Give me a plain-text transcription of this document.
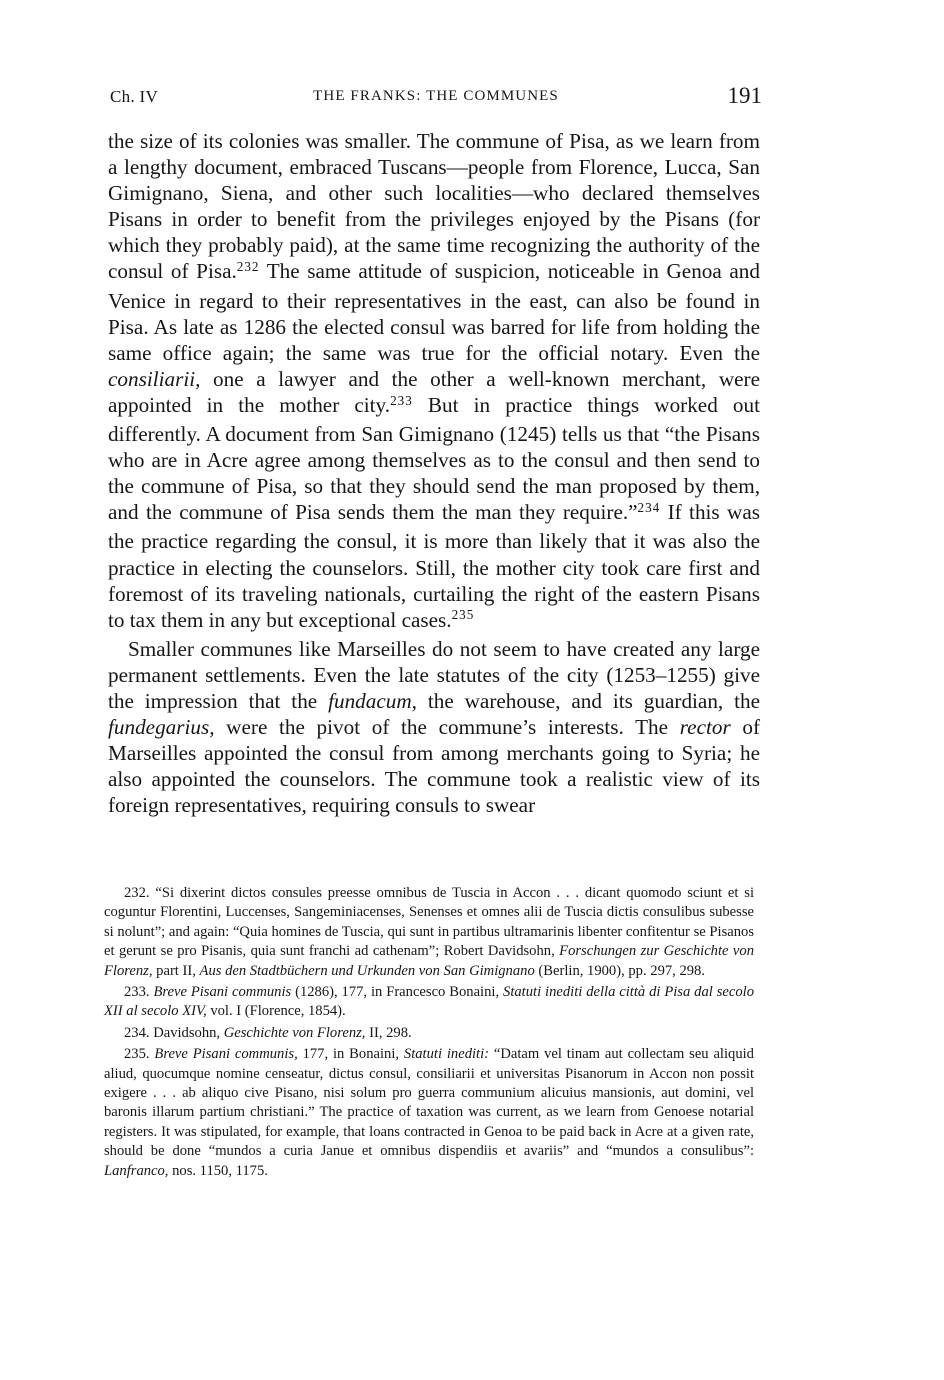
Ch. IV	THE FRANKS: THE COMMUNES	191

the size of its colonies was smaller. The commune of Pisa, as we learn from a lengthy document, embraced Tuscans—people from Florence, Lucca, San Gimignano, Siena, and other such localities—who declared themselves Pisans in order to benefit from the privileges enjoyed by the Pisans (for which they probably paid), at the same time recognizing the authority of the consul of Pisa.$^{232}$ The same attitude of suspicion, noticeable in Genoa and Venice in regard to their representatives in the east, can also be found in Pisa. As late as 1286 the elected consul was barred for life from holding the same office again; the same was true for the official notary. Even the consiliarii, one a lawyer and the other a well-known merchant, were appointed in the mother city.$^{233}$ But in practice things worked out differently. A document from San Gimignano (1245) tells us that “the Pisans who are in Acre agree among themselves as to the consul and then send to the commune of Pisa, so that they should send the man proposed by them, and the commune of Pisa sends them the man they require.”$^{234}$ If this was the practice regarding the consul, it is more than likely that it was also the practice in electing the counselors. Still, the mother city took care first and foremost of its traveling nationals, curtailing the right of the eastern Pisans to tax them in any but exceptional cases.$^{235}$

Smaller communes like Marseilles do not seem to have created any large permanent settlements. Even the late statutes of the city (1253–1255) give the impression that the fundacum, the warehouse, and its guardian, the fundegarius, were the pivot of the commune’s interests. The rector of Marseilles appointed the consul from among merchants going to Syria; he also appointed the counselors. The commune took a realistic view of its foreign representatives, requiring consuls to swear

232. “Si dixerint dictos consules preesse omnibus de Tuscia in Accon . . . dicant quomodo sciunt et si coguntur Florentini, Luccenses, Sangeminiacenses, Senenses et omnes alii de Tuscia dictis consulibus subesse si nolunt”; and again: “Quia homines de Tuscia, qui sunt in partibus ultramarinis libenter confitentur se Pisanos et gerunt se pro Pisanis, quia sunt franchi ad cathenam”; Robert Davidsohn, Forschungen zur Geschichte von Florenz, part II, Aus den Stadtbüchern und Urkunden von San Gimignano (Berlin, 1900), pp. 297, 298.

233. Breve Pisani communis (1286), 177, in Francesco Bonaini, Statuti inediti della città di Pisa dal secolo XII al secolo XIV, vol. I (Florence, 1854).

234. Davidsohn, Geschichte von Florenz, II, 298.

235. Breve Pisani communis, 177, in Bonaini, Statuti inediti: “Datam vel tinam aut collectam seu aliquid aliud, quocumque nomine censeatur, dictus consul, consiliarii et universitas Pisanorum in Accon non possit exigere . . . ab aliquo cive Pisano, nisi solum pro guerra communium alicuius mansionis, aut domini, vel baronis illarum partium christiani.” The practice of taxation was current, as we learn from Genoese notarial registers. It was stipulated, for example, that loans contracted in Genoa to be paid back in Acre at a given rate, should be done “mundos a curia Janue et omnibus dispendiis et avariis” and “mundos a consulibus”: Lanfranco, nos. 1150, 1175.
